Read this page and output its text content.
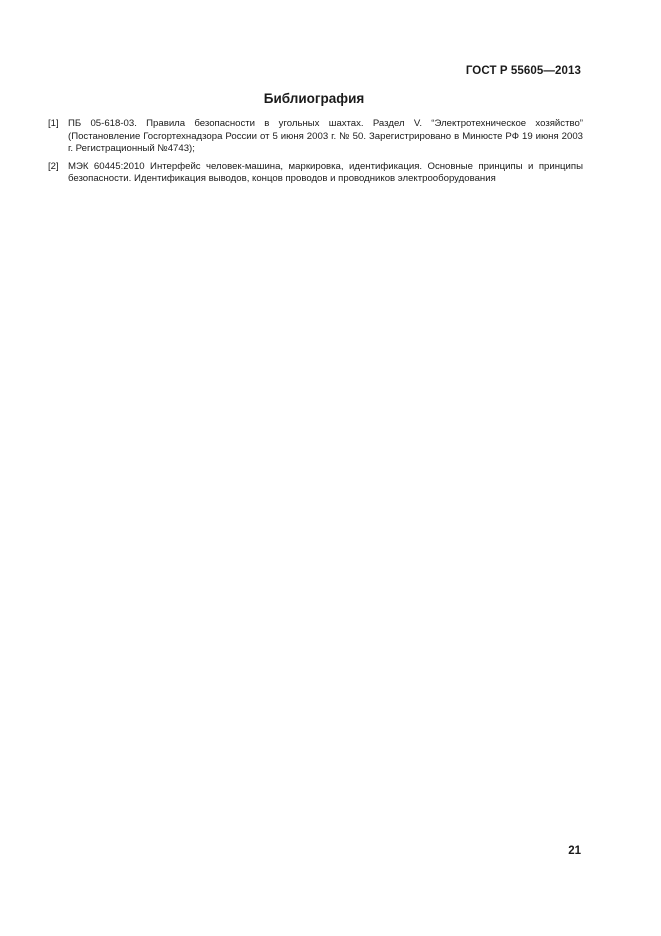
ГОСТ Р 55605—2013
Библиография
[1] ПБ 05-618-03. Правила безопасности в угольных шахтах. Раздел V. “Электротехническое хозяйство” (Постановление Госгортехнадзора России от 5 июня 2003 г. № 50. Зарегистрировано в Минюсте РФ 19 июня 2003 г. Регистрационный №4743);
[2] МЭК 60445:2010 Интерфейс человек-машина, маркировка, идентификация. Основные принципы и принципы безопасности. Идентификация выводов, концов проводов и проводников электрооборудования
21
